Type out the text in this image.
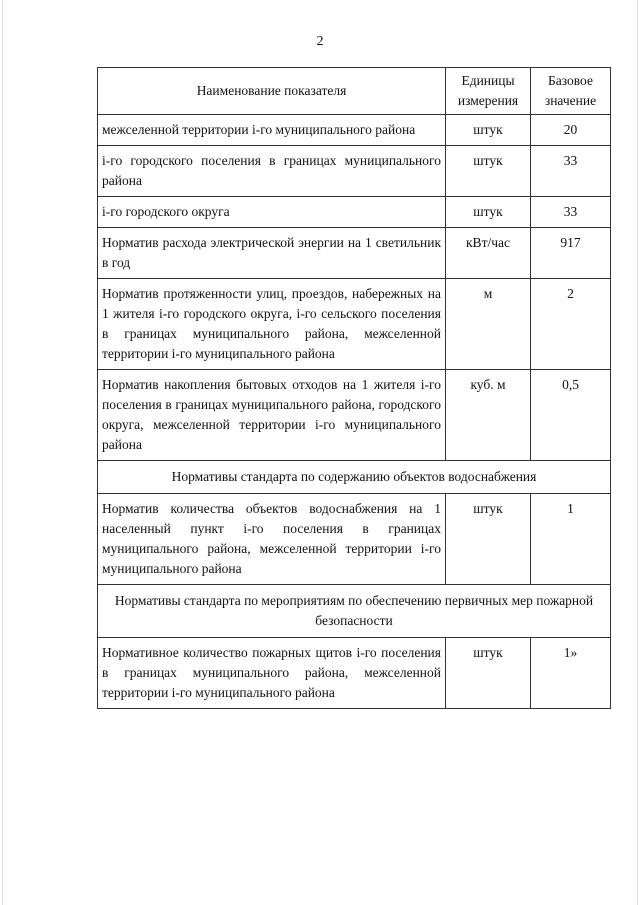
2
Наименование показателя	Единицы измерения	Базовое значение
межселенной территории i-го муниципального района	штук	20
i-го городского поселения в границах муниципального района	штук	33
i-го городского округа	штук	33
Норматив расхода электрической энергии на 1 светильник в год	кВт/час	917
Норматив протяженности улиц, проездов, набережных на 1 жителя i-го городского округа, i-го сельского поселения в границах муниципального района, межселенной территории i-го муниципального района	м	2
Норматив накопления бытовых отходов на 1 жителя i-го поселения в границах муниципального района, городского округа, межселенной территории i-го муниципального района	куб. м	0,5
Нормативы стандарта по содержанию объектов водоснабжения		
Норматив количества объектов водоснабжения на 1 населенный пункт i-го поселения в границах муниципального района, межселенной территории i-го муниципального района	штук	1
Нормативы стандарта по мероприятиям по обеспечению первичных мер пожарной безопасности		
Нормативное количество пожарных щитов i-го поселения в границах муниципального района, межселенной территории i-го муниципального района	штук	1»
